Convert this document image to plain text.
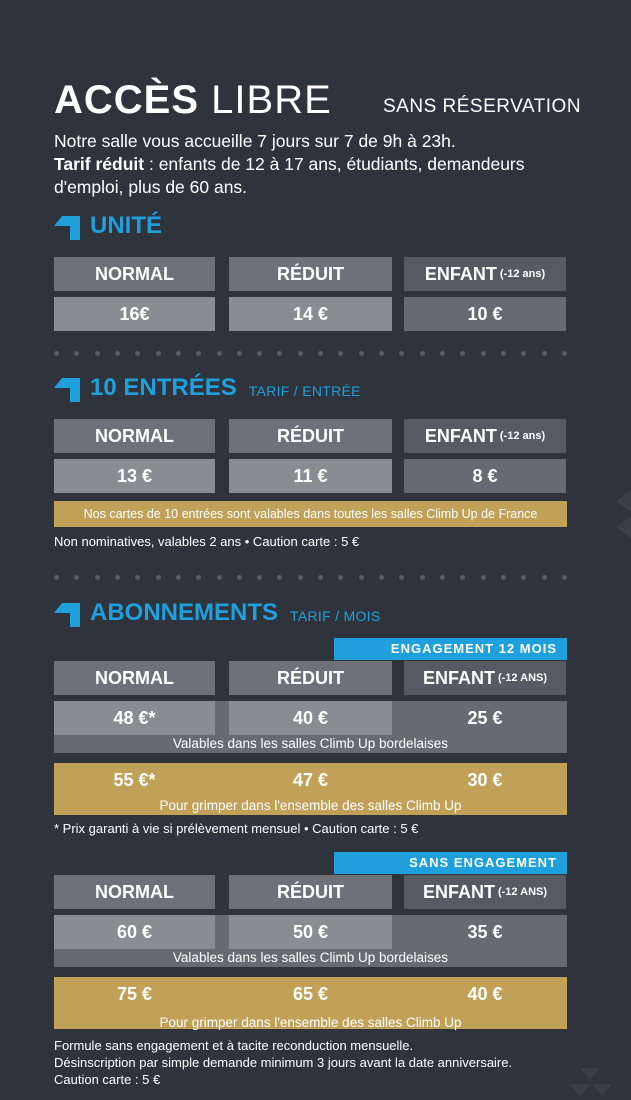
ACCÈS LIBRE	SANS RÉSERVATION
Notre salle vous accueille 7 jours sur 7 de 9h à 23h.
Tarif réduit : enfants de 12 à 17 ans, étudiants, demandeurs d'emploi, plus de 60 ans.
UNITÉ
NORMAL	RÉDUIT	ENFANT (-12 ans)
16€	14 €	10 €
10 ENTRÉES TARIF / ENTRÉE
NORMAL	RÉDUIT	ENFANT (-12 ans)
13 €	11 €	8 €
Nos cartes de 10 entrées sont valables dans toutes les salles Climb Up de France
Non nominatives, valables 2 ans • Caution carte : 5 €
ABONNEMENTS TARIF / MOIS
ENGAGEMENT 12 MOIS
NORMAL	RÉDUIT	ENFANT (-12 ANS)
48 €*	40 €	25 €
Valables dans les salles Climb Up bordelaises
55 €*	47 €	30 €
Pour grimper dans l'ensemble des salles Climb Up
* Prix garanti à vie si prélèvement mensuel • Caution carte : 5 €
SANS ENGAGEMENT
NORMAL	RÉDUIT	ENFANT (-12 ANS)
60 €	50 €	35 €
Valables dans les salles Climb Up bordelaises
75 €	65 €	40 €
Pour grimper dans l'ensemble des salles Climb Up
Formule sans engagement et à tacite reconduction mensuelle.
Désinscription par simple demande minimum 3 jours avant la date anniversaire.
Caution carte : 5 €
